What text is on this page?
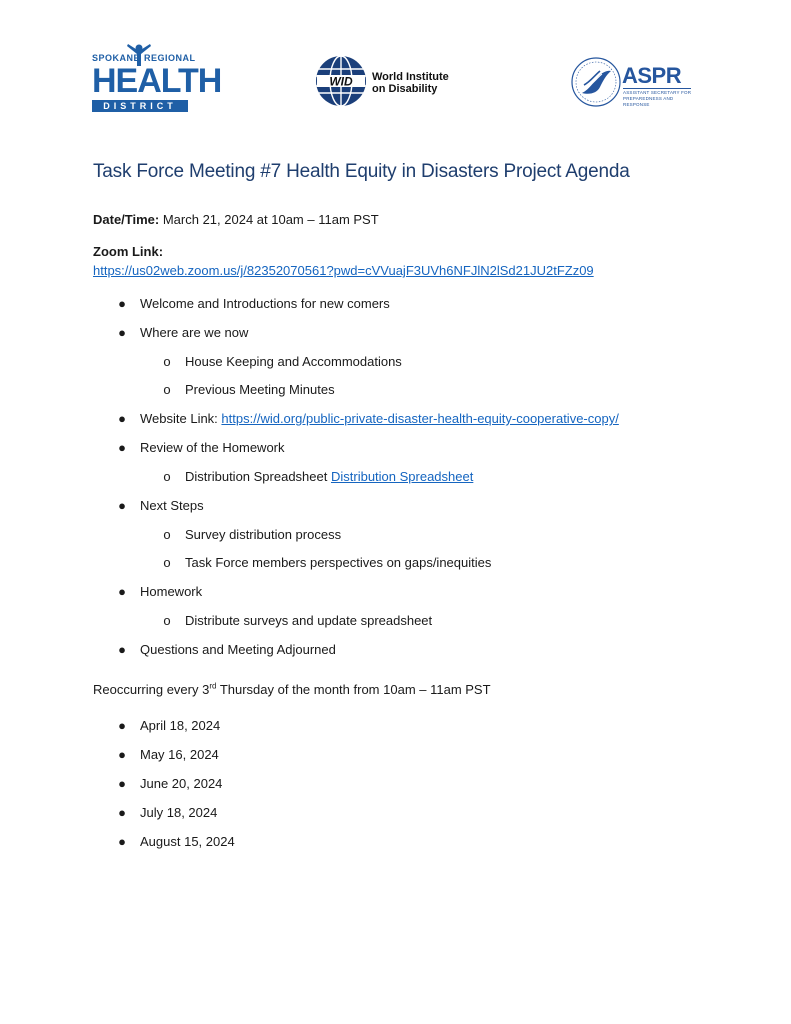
SPOKANE REGIONAL
HEALTH
DISTRICT
WID World Institute
on Disability
ASPR
ASSISTANT SECRETARY FOR PREPAREDNESS AND RESPONSE
Task Force Meeting #7 Health Equity in Disasters Project Agenda
Date/Time: March 21, 2024 at 10am – 11am PST
Zoom Link:
https://us02web.zoom.us/j/82352070561?pwd=cVVuajF3UVh6NFJlN2lSd21JU2tFZz09
● Welcome and Introductions for new comers
● Where are we now
o House Keeping and Accommodations
o Previous Meeting Minutes
● Website Link: https://wid.org/public-private-disaster-health-equity-cooperative-copy/
● Review of the Homework
o Distribution Spreadsheet Distribution Spreadsheet
● Next Steps
o Survey distribution process
o Task Force members perspectives on gaps/inequities
● Homework
o Distribute surveys and update spreadsheet
● Questions and Meeting Adjourned
Reoccurring every 3rd Thursday of the month from 10am – 11am PST
● April 18, 2024
● May 16, 2024
● June 20, 2024
● July 18, 2024
● August 15, 2024
